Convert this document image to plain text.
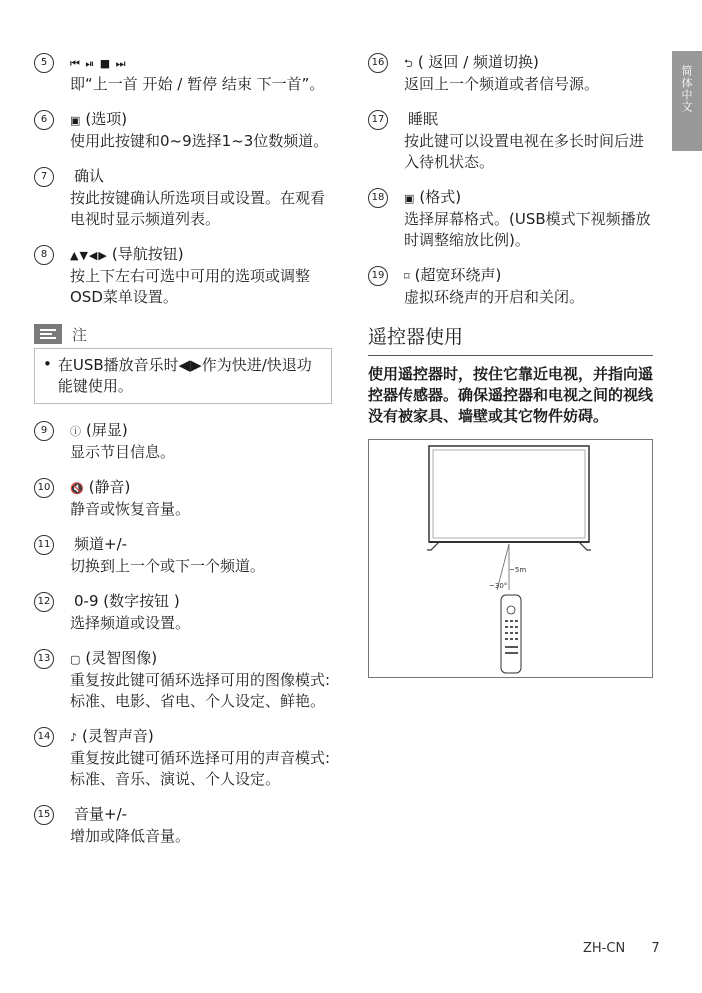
简体中文
5	⏮ ⏯ ■ ⏭
即“上一首 开始 / 暂停 结束 下一首”。
6	▣ (选项)
使用此按键和0~9选择1~3位数频道。
7	确认
按此按键确认所选项目或设置。在观看电视时显示频道列表。
8	▲▼◀▶ (导航按钮)
按上下左右可选中可用的选项或调整OSD菜单设置。
注
• 在USB播放音乐时◀▶作为快进/快退功能键使用。
9	ⓘ (屏显)
显示节目信息。
10	🔇 (静音)
静音或恢复音量。
11 频道+/-
切换到上一个或下一个频道。
12 0-9 (数字按钮 )
选择频道或设置。
13	▢ (灵智图像)
重复按此键可循环选择可用的图像模式: 标准、电影、省电、个人设定、鲜艳。
14	♪ (灵智声音)
重复按此键可循环选择可用的声音模式: 标准、音乐、演说、个人设定。
15 音量+/-
增加或降低音量。
16	⮌ ( 返回 / 频道切换)
返回上一个频道或者信号源。
17 睡眠
按此键可以设置电视在多长时间后进入待机状态。
18	▣ (格式)
选择屏幕格式。(USB模式下视频播放时调整缩放比例)。
19	⌑ (超宽环绕声)
虚拟环绕声的开启和关闭。
遥控器使用
使用遥控器时，按住它靠近电视，并指向遥控器传感器。确保遥控器和电视之间的视线没有被家具、墙壁或其它物件妨碍。
~5m
~30°
ZH-CN 7
